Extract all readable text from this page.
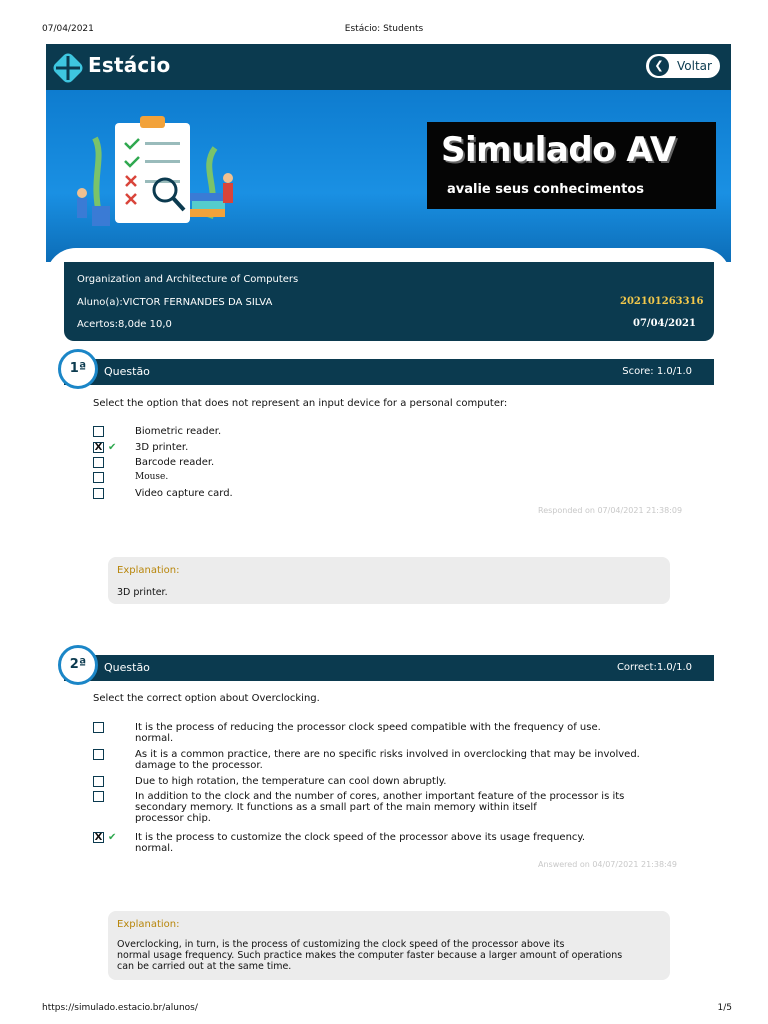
07/04/2021	Estácio: Students
Estácio	❮	Voltar
Simulado AV
avalie seus conhecimentos
Organization and Architecture of Computers
Aluno(a):VICTOR FERNANDES DA SILVA	202101263316
Acertos:8,0de 10,0	07/04/2021
1ª	Questão	Score: 1.0/1.0
Select the option that does not represent an input device for a personal computer:
Biometric reader.
X ✔ 3D printer.
Barcode reader.
Mouse.
Video capture card.
Responded on 07/04/2021 21:38:09
Explanation:
3D printer.
2ª	Questão	Correct:1.0/1.0
Select the correct option about Overclocking.
It is the process of reducing the processor clock speed compatible with the frequency of use.
normal.
As it is a common practice, there are no specific risks involved in overclocking that may be involved.
damage to the processor.
Due to high rotation, the temperature can cool down abruptly.
In addition to the clock and the number of cores, another important feature of the processor is its
secondary memory. It functions as a small part of the main memory within itself
processor chip.
X ✔ It is the process to customize the clock speed of the processor above its usage frequency.
normal.
Answered on 04/07/2021 21:38:49
Explanation:
Overclocking, in turn, is the process of customizing the clock speed of the processor above its
normal usage frequency. Such practice makes the computer faster because a larger amount of operations
can be carried out at the same time.
https://simulado.estacio.br/alunos/	1/5
